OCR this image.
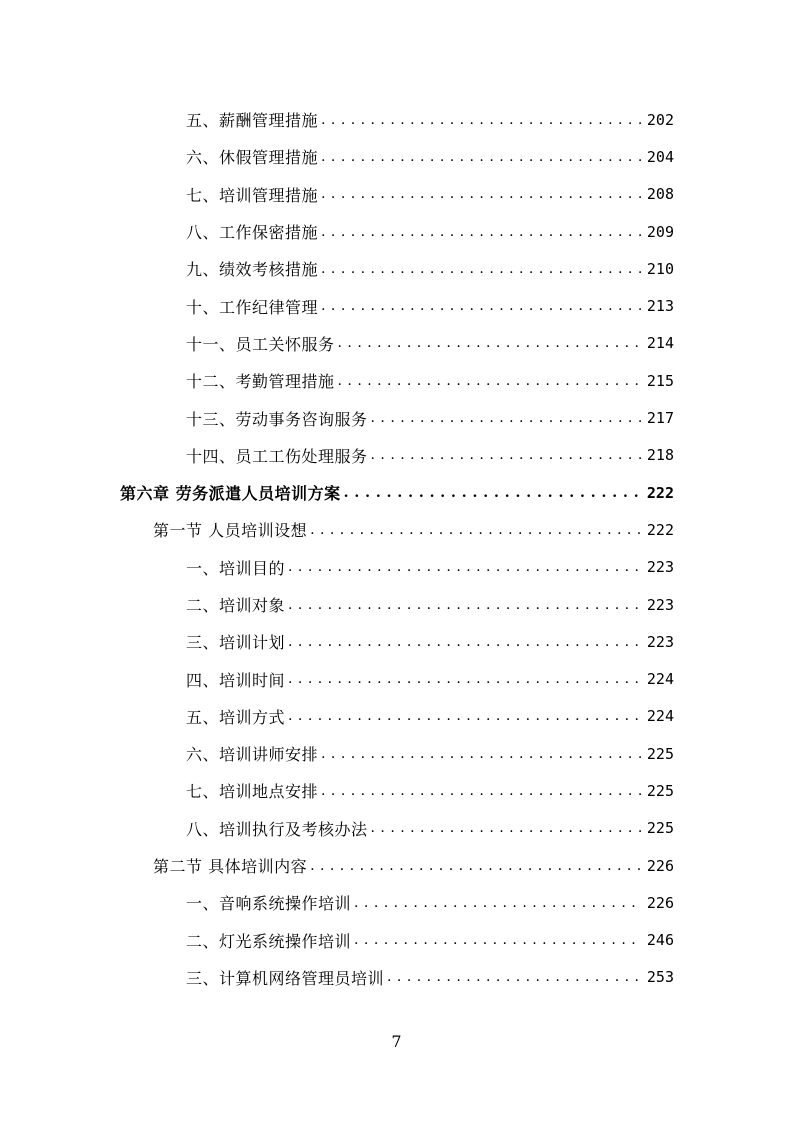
五、薪酬管理措施 . . .	202
六、休假管理措施 . . .	204
七、培训管理措施 . . .	208
八、工作保密措施 . . .	209
九、绩效考核措施 . . .	210
十、工作纪律管理 . . .	213
十一、员工关怀服务 . . .	214
十二、考勤管理措施 . . .	215
十三、劳动事务咨询服务 . . .	217
十四、员工工伤处理服务 . . .	218
第六章 劳务派遣人员培训方案 . . .	222
第一节 人员培训设想 . . .	222
一、培训目的 . . .	223
二、培训对象 . . .	223
三、培训计划 . . .	223
四、培训时间 . . .	224
五、培训方式 . . .	224
六、培训讲师安排 . . .	225
七、培训地点安排 . . .	225
八、培训执行及考核办法 . . .	225
第二节 具体培训内容 . . .	226
一、音响系统操作培训 . . .	226
二、灯光系统操作培训 . . .	246
三、计算机网络管理员培训 . . .	253
7
